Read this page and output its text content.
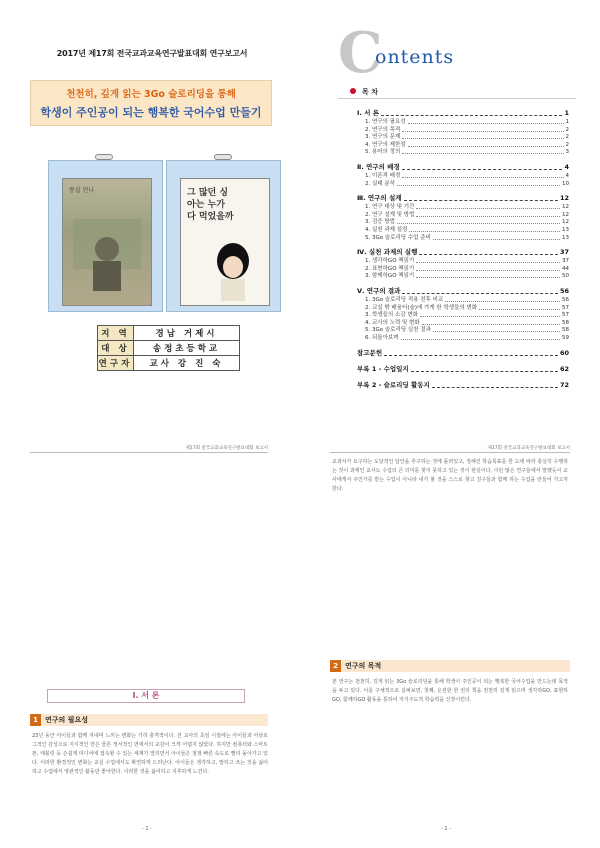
2017년 제17회 전국교과교육연구발표대회 연구보고서
천천히, 깊게 읽는 3Go 슬로리딩을 통해
학생이 주인공이 되는 행복한 국어수업 만들기
몽실 언니	그 많던 싱아는 누가 다 먹었을까
지 역	경남 거제시
대 상	송정초등학교
연구자	교사 강 진 숙
C
ontents
목 차
Ⅰ. 서 론	1
1. 연구의 필요성	1
2. 연구의 목적	2
3. 연구의 문제	2
4. 연구의 제한점	2
5. 용어의 정의	3
Ⅱ. 연구의 배경	4
1. 이론적 배경	4
2. 실태 분석	10
Ⅲ. 연구의 설계	12
1. 연구 대상 및 기간	12
2. 연구 설계 및 방법	12
3. 검증 방법	12
4. 실천 과제 설정	13
5. 3Go 슬로리딩 수업 준비	13
Ⅳ. 실천 과제의 실행	37
1. 생각하GO 책읽기	37
2. 표현하GO 책읽기	44
3. 함께하GO 책읽기	50
Ⅴ. 연구의 결과	56
1. 3Go 슬로리딩 적용 전후 비교	56
2. 교실 밖 배움터(숲)에 가게 한 학생들의 변화	57
3. 학생들의 소감 변화	57
4. 교사의 노력 및 변화	58
5. 3Go 슬로리딩 실천 결과	58
6. 되돌아보며	59
참고문헌	60
부록 1 - 수업일지	62
부록 2 - 슬로리딩 활동지	72
제17회 전국교과교육연구발표대회 보고서
Ⅰ. 서 론
1	연구의 필요성
23년 동안 아이들과 함께 지내며 느끼는 변화는 가히 충격적이다. 전 교사의 초임 시절에는 아이들과 아날로그적인 감성으로 지식적인 면은 물론 정서적인 면에서의 교감이 크게 어렵지 않았다. 하지만 컴퓨터와 스마트폰, 태블릿 등 손쉽게 미디어에 접속할 수 있는 세계가 열리면서 아이들은 점점 빠른 속도로 빨리 돌아가고 있다. 이러한 환경적인 변화는 교실 수업에서도 확연하게 드러난다. 아이들은 생각하고, 말하고 쓰는 것을 싫어하고 수업에서 영관적인 활동만 좋아한다. 이러한 것을 싫어하고 지루하게 느낀다.
- 1 -
제17회 전국교과교육연구발표대회 보고서
교과서가 요구하는 도달적인 답안을 추구하는 것에 몰려있고, 정해진 학습목표를 한 도에 따라 충실히 수행하는 것이 과제인 교사도 수업의 큰 의미를 찾지 못하고 있는 것이 현실이다. 이런 많은 연구들에서 말했듯이 교사에게서 주인가를 받는 수업이 아니라 내가 할 것을 스스로 찾고 친구들과 함께 하는 수업을 만들어 가고자 한다.
2	연구의 목적
본 연구는 천천히, 깊게 읽는 3Go 슬로리딩을 통해 학생이 주인공이 되는 행복한 국어수업을 만드는데 목적을 두고 있다. 이를 구체적으로 살펴보면, 첫째, 온전한 한 권의 책을 천천히 깊게 읽으며 생각하GO, 표현하GO, 함께하GO 활동을 통하여 자기주도적 학습력을 신장시킨다.
- 2 -
